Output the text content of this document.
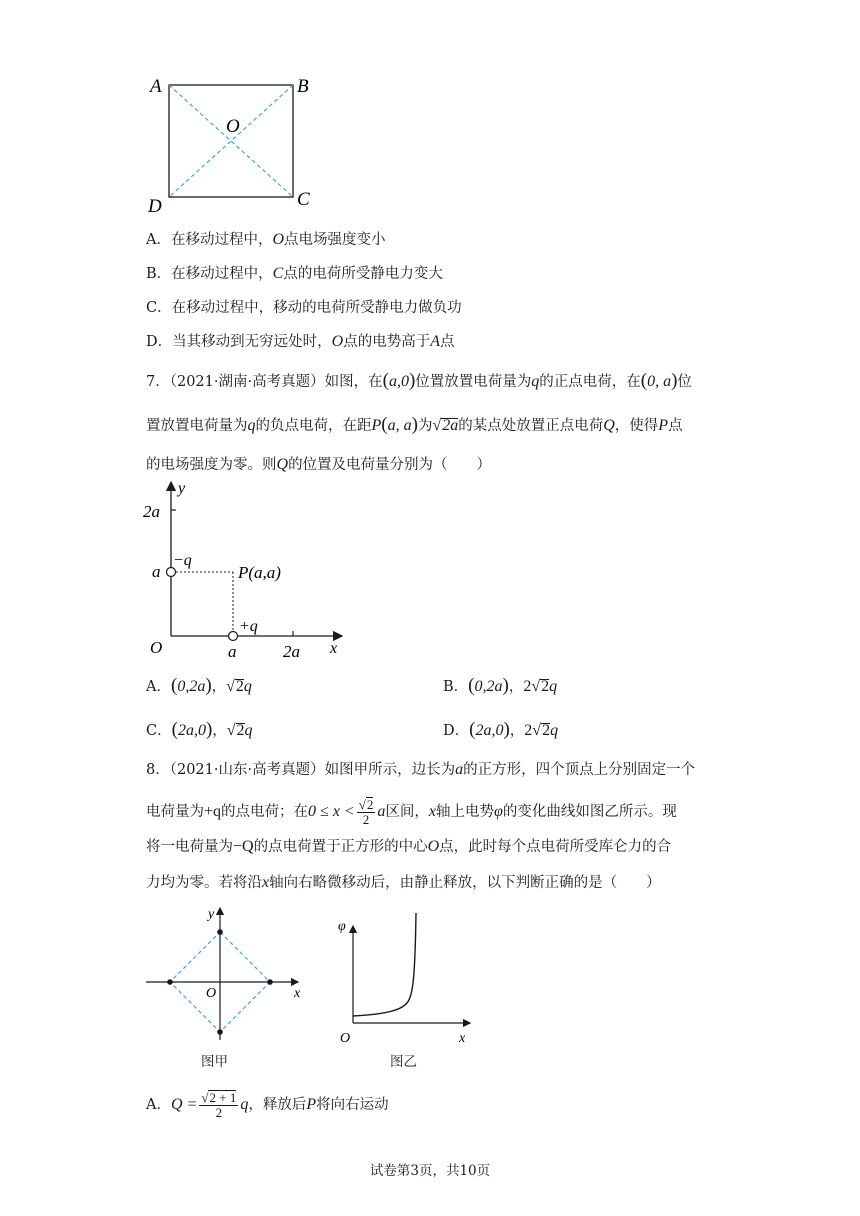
A	B
C
D
O
A．在移动过程中，O点电场强度变小
B．在移动过程中，C点的电荷所受静电力变大
C．在移动过程中，移动的电荷所受静电力做负功
D．当其移动到无穷远处时，O点的电势高于A点
7．（2021·湖南·高考真题）如图，在(a,0)位置放置电荷量为q的正点电荷，在(0, a)位
置放置电荷量为q的负点电荷，在距P(a, a)为√2a的某点处放置正点电荷Q，使得P点
的电场强度为零。则Q的位置及电荷量分别为（　　）
y
x
2a
a
O	a	2a
−q
+q
P(a,a)
A．(0,2a)，√2q	B．(0,2a)，2√2q
C．(2a,0)，√2q	D．(2a,0)，2√2q
8．（2021·山东·高考真题）如图甲所示，边长为a的正方形，四个顶点上分别固定一个
电荷量为+q的点电荷；在$0 \le x < \frac{√2}{2}$ a区间，x轴上电势φ的变化曲线如图乙所示。现
将一电荷量为−Q的点电荷置于正方形的中心O点，此时每个点电荷所受库仑力的合
力均为零。若将沿x轴向右略微移动后，由静止释放，以下判断正确的是（　　）
y
x
O
图甲
φ
x
O
图乙
A．$Q = \frac{√2 + 1}{2}$ q，释放后P将向右运动
试卷第3页，共10页
